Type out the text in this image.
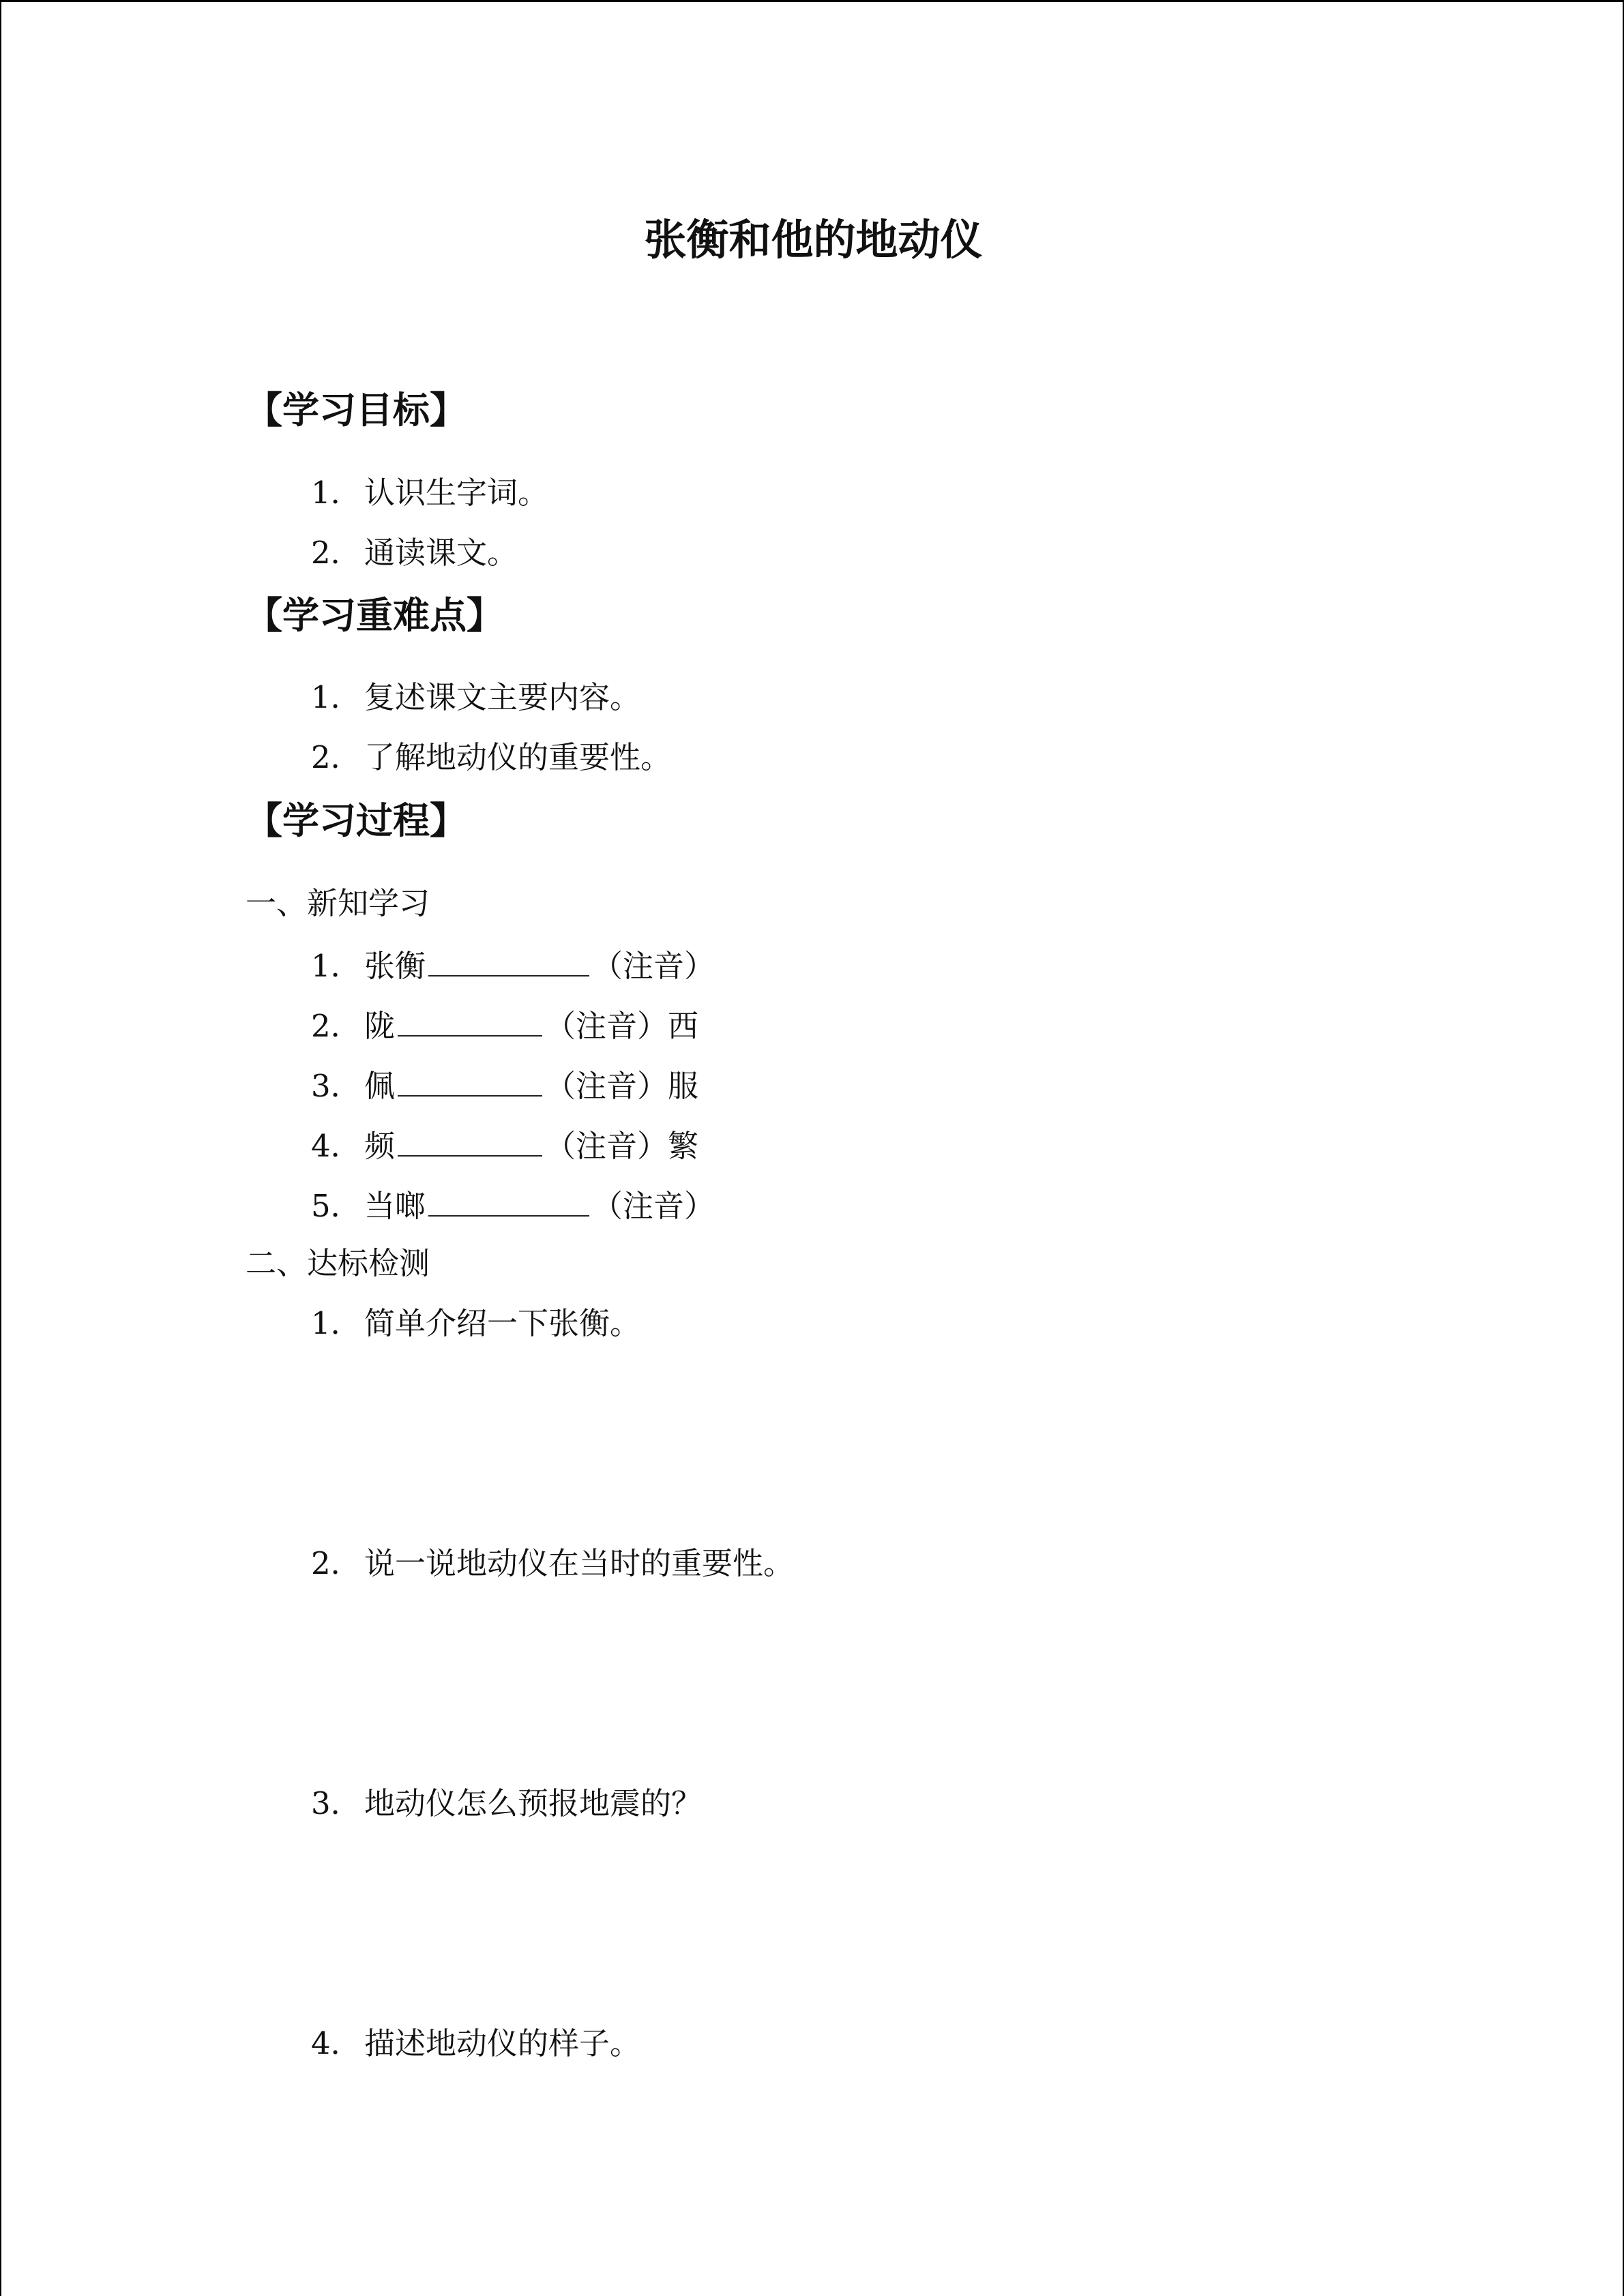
张衡和他的地动仪
【学习目标】
1．认识生字词。
2．通读课文。
【学习重难点】
1．复述课文主要内容。
2．了解地动仪的重要性。
【学习过程】
一、新知学习
1．张衡	（注音）
2．陇	（注音）西
3．佩	（注音）服
4．频	（注音）繁
5．当啷	（注音）
二、达标检测
1．简单介绍一下张衡。
2．说一说地动仪在当时的重要性。
3．地动仪怎么预报地震的？
4．描述地动仪的样子。
